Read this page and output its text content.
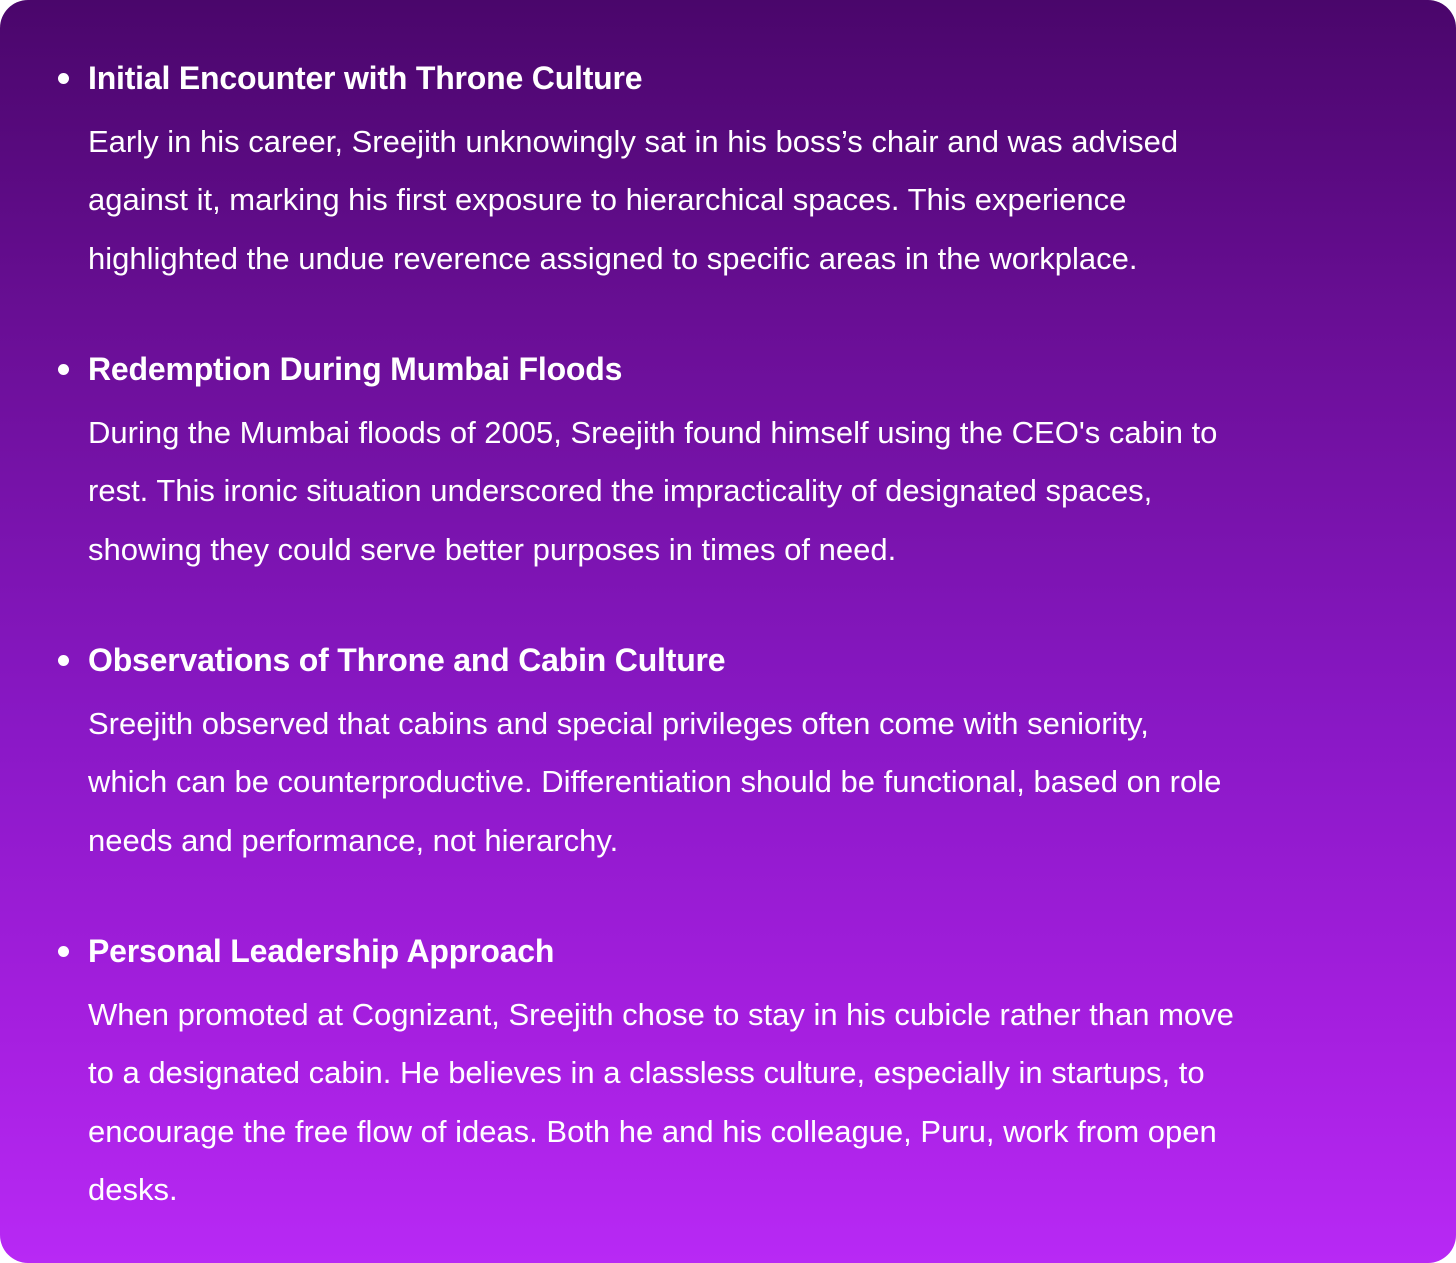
Initial Encounter with Throne Culture

Early in his career, Sreejith unknowingly sat in his boss’s chair and was advised
against it, marking his first exposure to hierarchical spaces. This experience
highlighted the undue reverence assigned to specific areas in the workplace.

Redemption During Mumbai Floods

During the Mumbai floods of 2005, Sreejith found himself using the CEO's cabin to
rest. This ironic situation underscored the impracticality of designated spaces,
showing they could serve better purposes in times of need.

Observations of Throne and Cabin Culture

Sreejith observed that cabins and special privileges often come with seniority,
which can be counterproductive. Differentiation should be functional, based on role
needs and performance, not hierarchy.

Personal Leadership Approach

When promoted at Cognizant, Sreejith chose to stay in his cubicle rather than move
to a designated cabin. He believes in a classless culture, especially in startups, to
encourage the free flow of ideas. Both he and his colleague, Puru, work from open
desks.
